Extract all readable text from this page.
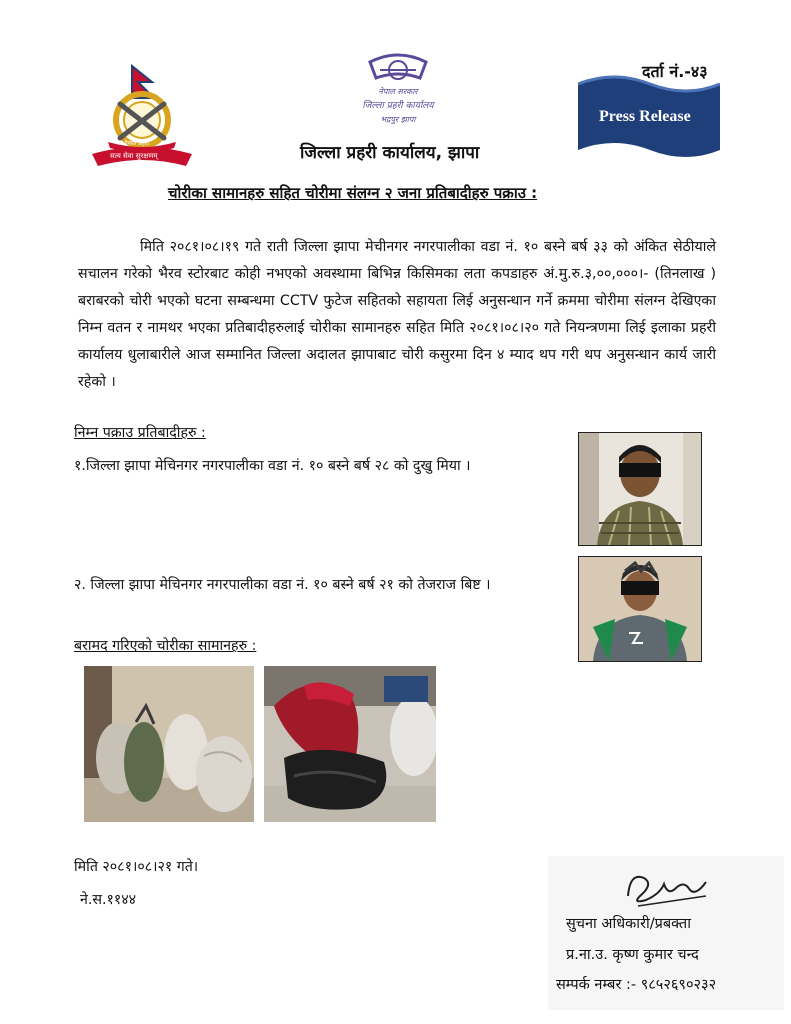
सत्य सेवा सुरक्षणम्
नेपाल प्रहरी
नेपाल सरकार
जिल्ला प्रहरी कार्यालय
भद्रपुर झापा
दर्ता नं.-४३
Press Release
जिल्ला प्रहरी कार्यालय, झापा
चोरीका सामानहरु सहित चोरीमा संलग्न २ जना प्रतिबादीहरु पक्राउ :
मिति २०८१।०८।१९ गते राती जिल्ला झापा मेचीनगर नगरपालीका वडा नं. १० बस्ने बर्ष ३३ को अंकित सेठीयाले सचालन गरेको भैरव स्टोरबाट कोही नभएको अवस्थामा बिभिन्न किसिमका लता कपडाहरु अं.मु.रु.३,००,०००।- (तिनलाख ) बराबरको चोरी भएको घटना सम्बन्धमा CCTV फुटेज सहितको सहायता लिई अनुसन्धान गर्ने क्रममा चोरीमा संलग्न देखिएका निम्न वतन र नामथर भएका प्रतिबादीहरुलाई चोरीका सामानहरु सहित मिति २०८१।०८।२० गते नियन्त्रणमा लिई इलाका प्रहरी कार्यालय धुलाबारीले आज सम्मानित जिल्ला अदालत झापाबाट चोरी कसुरमा दिन ४ म्याद थप गरी थप अनुसन्धान कार्य जारी रहेको ।
निम्न पक्राउ प्रतिबादीहरु :
१.जिल्ला झापा मेचिनगर नगरपालीका वडा नं. १० बस्ने बर्ष २८ को दुखु मिया ।
२. जिल्ला झापा मेचिनगर नगरपालीका वडा नं. १० बस्ने बर्ष २१ को तेजराज बिष्ट ।
बरामद गरिएको चोरीका सामानहरु :
मिति २०८१।०८।२१ गते।
ने.स.११४४
सुचना अधिकारी/प्रबक्ता
प्र.ना.उ. कृष्ण कुमार चन्द
सम्पर्क नम्बर :- ९८५२६९०२३२
